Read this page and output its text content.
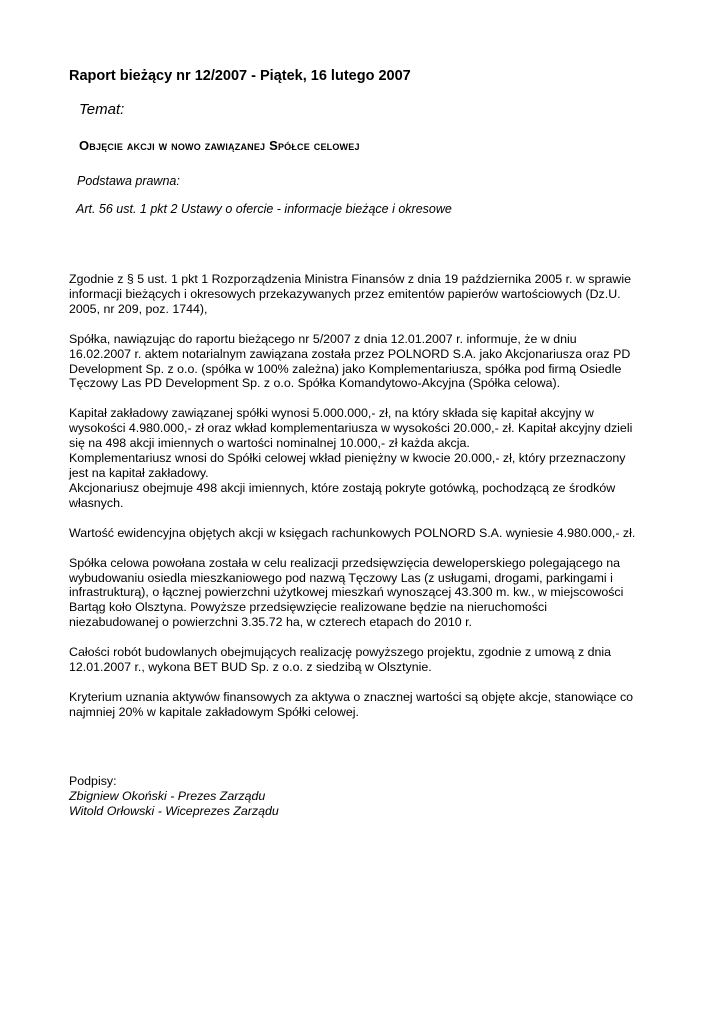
Raport bieżący nr 12/2007 - Piątek, 16 lutego 2007
Temat:
Objęcie akcji w nowo zawiązanej Spółce celowej
Podstawa prawna:
Art. 56 ust. 1 pkt 2 Ustawy o ofercie - informacje bieżące i okresowe

Zgodnie z § 5 ust. 1 pkt 1 Rozporządzenia Ministra Finansów z dnia 19 października 2005 r. w sprawie
informacji bieżących i okresowych przekazywanych przez emitentów papierów wartościowych (Dz.U.
2005, nr 209, poz. 1744),

Spółka, nawiązując do raportu bieżącego nr 5/2007 z dnia 12.01.2007 r. informuje, że w dniu
16.02.2007 r. aktem notarialnym zawiązana została przez POLNORD S.A. jako Akcjonariusza oraz PD
Development Sp. z o.o. (spółka w 100% zależna) jako Komplementariusza, spółka pod firmą Osiedle
Tęczowy Las PD Development Sp. z o.o. Spółka Komandytowo-Akcyjna (Spółka celowa).

Kapitał zakładowy zawiązanej spółki wynosi 5.000.000,- zł, na który składa się kapitał akcyjny w
wysokości 4.980.000,- zł oraz wkład komplementariusza w wysokości 20.000,- zł. Kapitał akcyjny dzieli
się na 498 akcji imiennych o wartości nominalnej 10.000,- zł każda akcja.
Komplementariusz wnosi do Spółki celowej wkład pieniężny w kwocie 20.000,- zł, który przeznaczony
jest na kapitał zakładowy.
Akcjonariusz obejmuje 498 akcji imiennych, które zostają pokryte gotówką, pochodzącą ze środków
własnych.

Wartość ewidencyjna objętych akcji w księgach rachunkowych POLNORD S.A. wyniesie 4.980.000,- zł.

Spółka celowa powołana została w celu realizacji przedsięwzięcia deweloperskiego polegającego na
wybudowaniu osiedla mieszkaniowego pod nazwą Tęczowy Las (z usługami, drogami, parkingami i
infrastrukturą), o łącznej powierzchni użytkowej mieszkań wynoszącej 43.300 m. kw., w miejscowości
Bartąg koło Olsztyna. Powyższe przedsięwzięcie realizowane będzie na nieruchomości
niezabudowanej o powierzchni 3.35.72 ha, w czterech etapach do 2010 r.

Całości robót budowlanych obejmujących realizację powyższego projektu, zgodnie z umową z dnia
12.01.2007 r., wykona BET BUD Sp. z o.o. z siedzibą w Olsztynie.

Kryterium uznania aktywów finansowych za aktywa o znacznej wartości są objęte akcje, stanowiące co
najmniej 20% w kapitale zakładowym Spółki celowej.

Podpisy:
Zbigniew Okoński - Prezes Zarządu
Witold Orłowski - Wiceprezes Zarządu
